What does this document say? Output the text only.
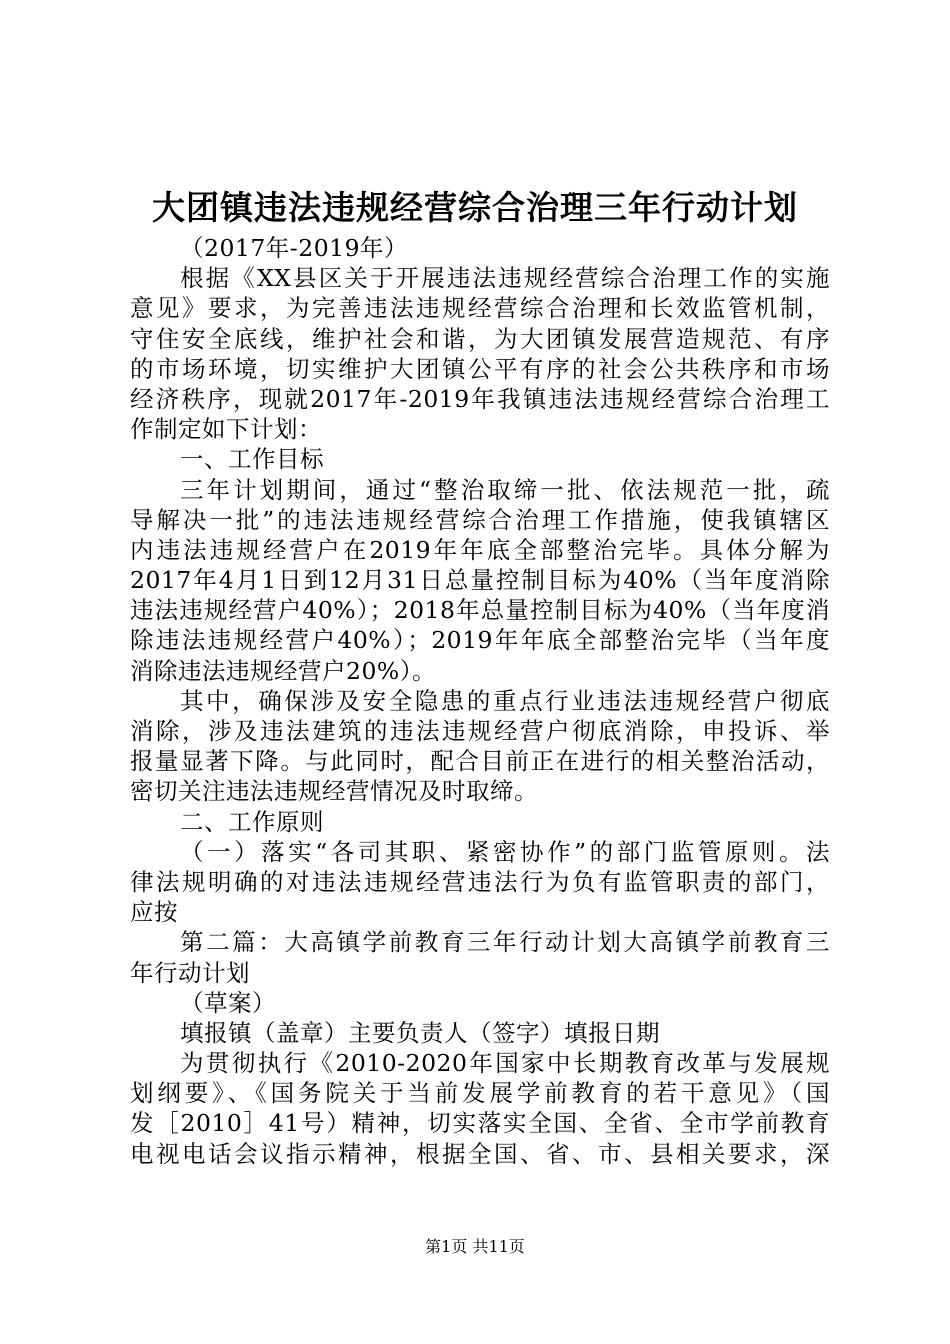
大团镇违法违规经营综合治理三年行动计划
（2017年-2019年）
根据《XX县区关于开展违法违规经营综合治理工作的实施
意见》要求，为完善违法违规经营综合治理和长效监管机制，
守住安全底线，维护社会和谐，为大团镇发展营造规范、有序
的市场环境，切实维护大团镇公平有序的社会公共秩序和市场
经济秩序，现就2017年-2019年我镇违法违规经营综合治理工
作制定如下计划：
一、工作目标
三年计划期间，通过“整治取缔一批、依法规范一批，疏
导解决一批”的违法违规经营综合治理工作措施，使我镇辖区
内违法违规经营户在2019年年底全部整治完毕。具体分解为
2017年4月1日到12月31日总量控制目标为40%（当年度消除
违法违规经营户40%）；2018年总量控制目标为40%（当年度消
除违法违规经营户40%）；2019年年底全部整治完毕（当年度
消除违法违规经营户20%）。
其中，确保涉及安全隐患的重点行业违法违规经营户彻底
消除，涉及违法建筑的违法违规经营户彻底消除，申投诉、举
报量显著下降。与此同时，配合目前正在进行的相关整治活动，
密切关注违法违规经营情况及时取缔。
二、工作原则
（一）落实“各司其职、紧密协作”的部门监管原则。法
律法规明确的对违法违规经营违法行为负有监管职责的部门，
应按
第二篇：大高镇学前教育三年行动计划大高镇学前教育三
年行动计划
（草案）
填报镇（盖章）主要负责人（签字）填报日期
为贯彻执行《2010-2020年国家中长期教育改革与发展规
划纲要》、《国务院关于当前发展学前教育的若干意见》（国
发［2010］41号）精神，切实落实全国、全省、全市学前教育
电视电话会议指示精神，根据全国、省、市、县相关要求，深
第1页 共11页
